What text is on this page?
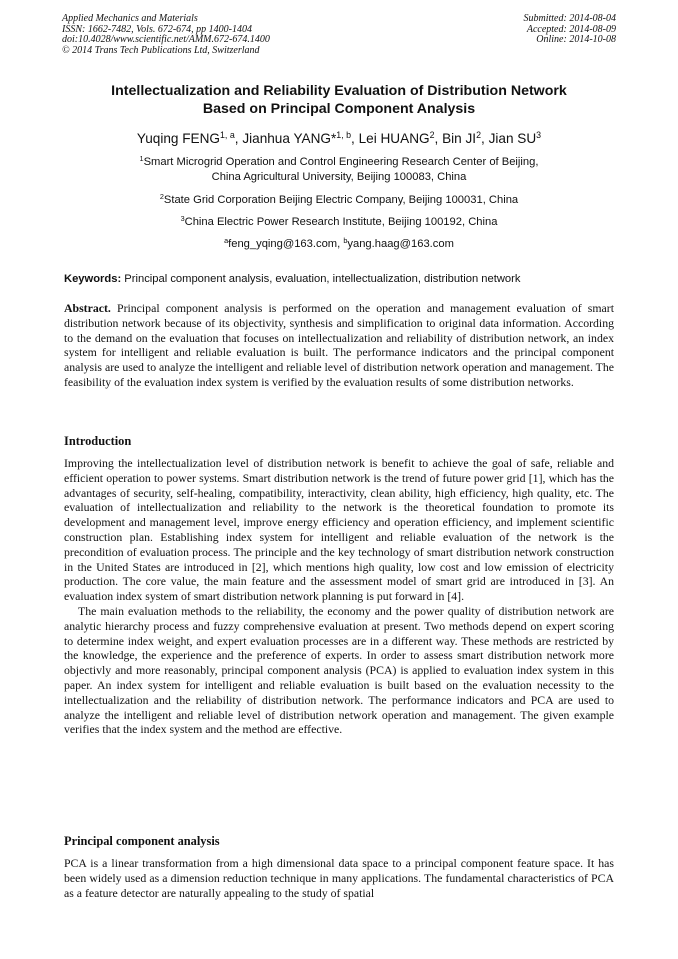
Applied Mechanics and Materials
ISSN: 1662-7482, Vols. 672-674, pp 1400-1404
doi:10.4028/www.scientific.net/AMM.672-674.1400
© 2014 Trans Tech Publications Ltd, Switzerland
Submitted: 2014-08-04
Accepted: 2014-08-09
Online: 2014-10-08
Intellectualization and Reliability Evaluation of Distribution Network
Based on Principal Component Analysis
Yuqing FENG$^{1, a}$, Jianhua YANG*$^{1, b}$, Lei HUANG$^2$, Bin $JI^2$, Jian $SU^3$
$^1$Smart Microgrid Operation and Control Engineering Research Center of Beijing,
China Agricultural University, Beijing 100083, China
$^2$State Grid Corporation Beijing Electric Company, Beijing 100031, China
$^3$China Electric Power Research Institute, Beijing 100192, China
$^a$feng_yqing@163.com, $^b$yang.haag@163.com
Keywords: Principal component analysis, evaluation, intellectualization, distribution network

Abstract. Principal component analysis is performed on the operation and management evaluation of smart distribution network because of its objectivity, synthesis and simplification to original data information. According to the demand on the evaluation that focuses on intellectualization and reliability of distribution network, an index system for intelligent and reliable evaluation is built. The performance indicators and the principal component analysis are used to analyze the intelligent and reliable level of distribution network operation and management. The feasibility of the evaluation index system is verified by the evaluation results of some distribution networks.

Introduction

Improving the intellectualization level of distribution network is benefit to achieve the goal of safe, reliable and efficient operation to power systems. Smart distribution network is the trend of future power grid [1], which has the advantages of security, self-healing, compatibility, interactivity, clean ability, high efficiency, high quality, etc. The evaluation of intellectualization and reliability to the network is the theoretical foundation to promote its development and management level, improve energy efficiency and operation efficiency, and implement scientific construction plan. Establishing index system for intelligent and reliable evaluation of the network is the precondition of evaluation process. The principle and the key technology of smart distribution network construction in the United States are introduced in [2], which mentions high quality, low cost and low emission of electricity production. The core value, the main feature and the assessment model of smart grid are introduced in [3]. An evaluation index system of smart distribution network planning is put forward in [4].

The main evaluation methods to the reliability, the economy and the power quality of distribution network are analytic hierarchy process and fuzzy comprehensive evaluation at present. Two methods depend on expert scoring to determine index weight, and expert evaluation processes are in a different way. These methods are restricted by the knowledge, the experience and the preference of experts. In order to assess smart distribution network more objectivly and more reasonably, principal component analysis (PCA) is applied to evaluation index system in this paper. An index system for intelligent and reliable evaluation is built based on the evaluation necessity to the intellectualization and the reliability of distribution network. The performance indicators and PCA are used to analyze the intelligent and reliable level of distribution network operation and management. The given example verifies that the index system and the method are effective.

Principal component analysis

PCA is a linear transformation from a high dimensional data space to a principal component feature space. It has been widely used as a dimension reduction technique in many applications. The fundamental characteristics of PCA as a feature detector are naturally appealing to the study of spatial
